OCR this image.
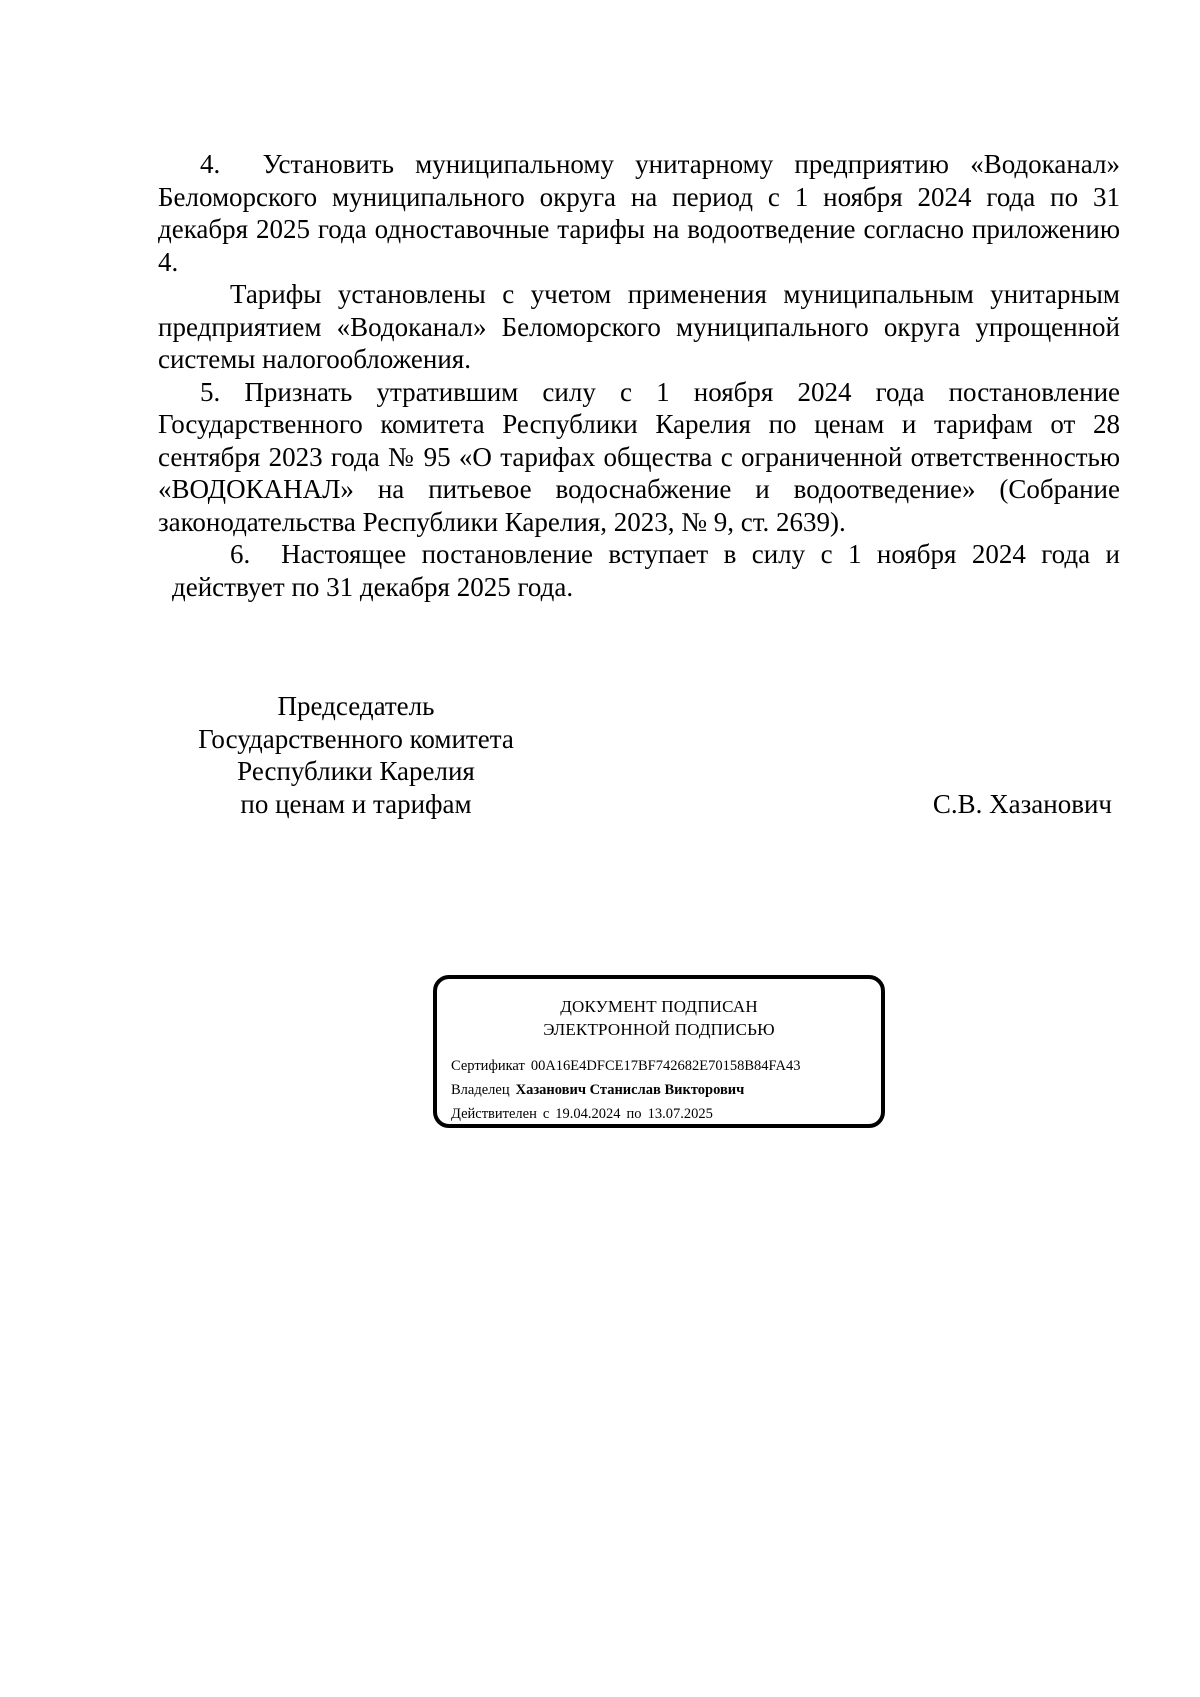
4.  Установить муниципальному унитарному предприятию «Водоканал» Беломорского муниципального округа на период с 1 ноября 2024 года по 31 декабря 2025 года одноставочные тарифы на водоотведение согласно приложению 4.

Тарифы установлены с учетом применения муниципальным унитарным предприятием «Водоканал» Беломорского муниципального округа упрощенной системы налогообложения.

5. Признать утратившим силу с 1 ноября 2024 года постановление Государственного комитета Республики Карелия по ценам и тарифам от 28 сентября 2023 года № 95 «О тарифах общества с ограниченной ответственностью «ВОДОКАНАЛ» на питьевое водоснабжение и водоотведение» (Собрание законодательства Республики Карелия, 2023, № 9, ст. 2639).

6.  Настоящее постановление вступает в силу с 1 ноября 2024 года и действует по 31 декабря 2025 года.

Председатель
Государственного комитета
Республики Карелия
по ценам и тарифам	С.В. Хазанович
ДОКУМЕНТ ПОДПИСАН
ЭЛЕКТРОННОЙ ПОДПИСЬЮ
Сертификат 00A16E4DFCE17BF742682E70158B84FA43
Владелец Хазанович Станислав Викторович
Действителен с 19.04.2024 по 13.07.2025
